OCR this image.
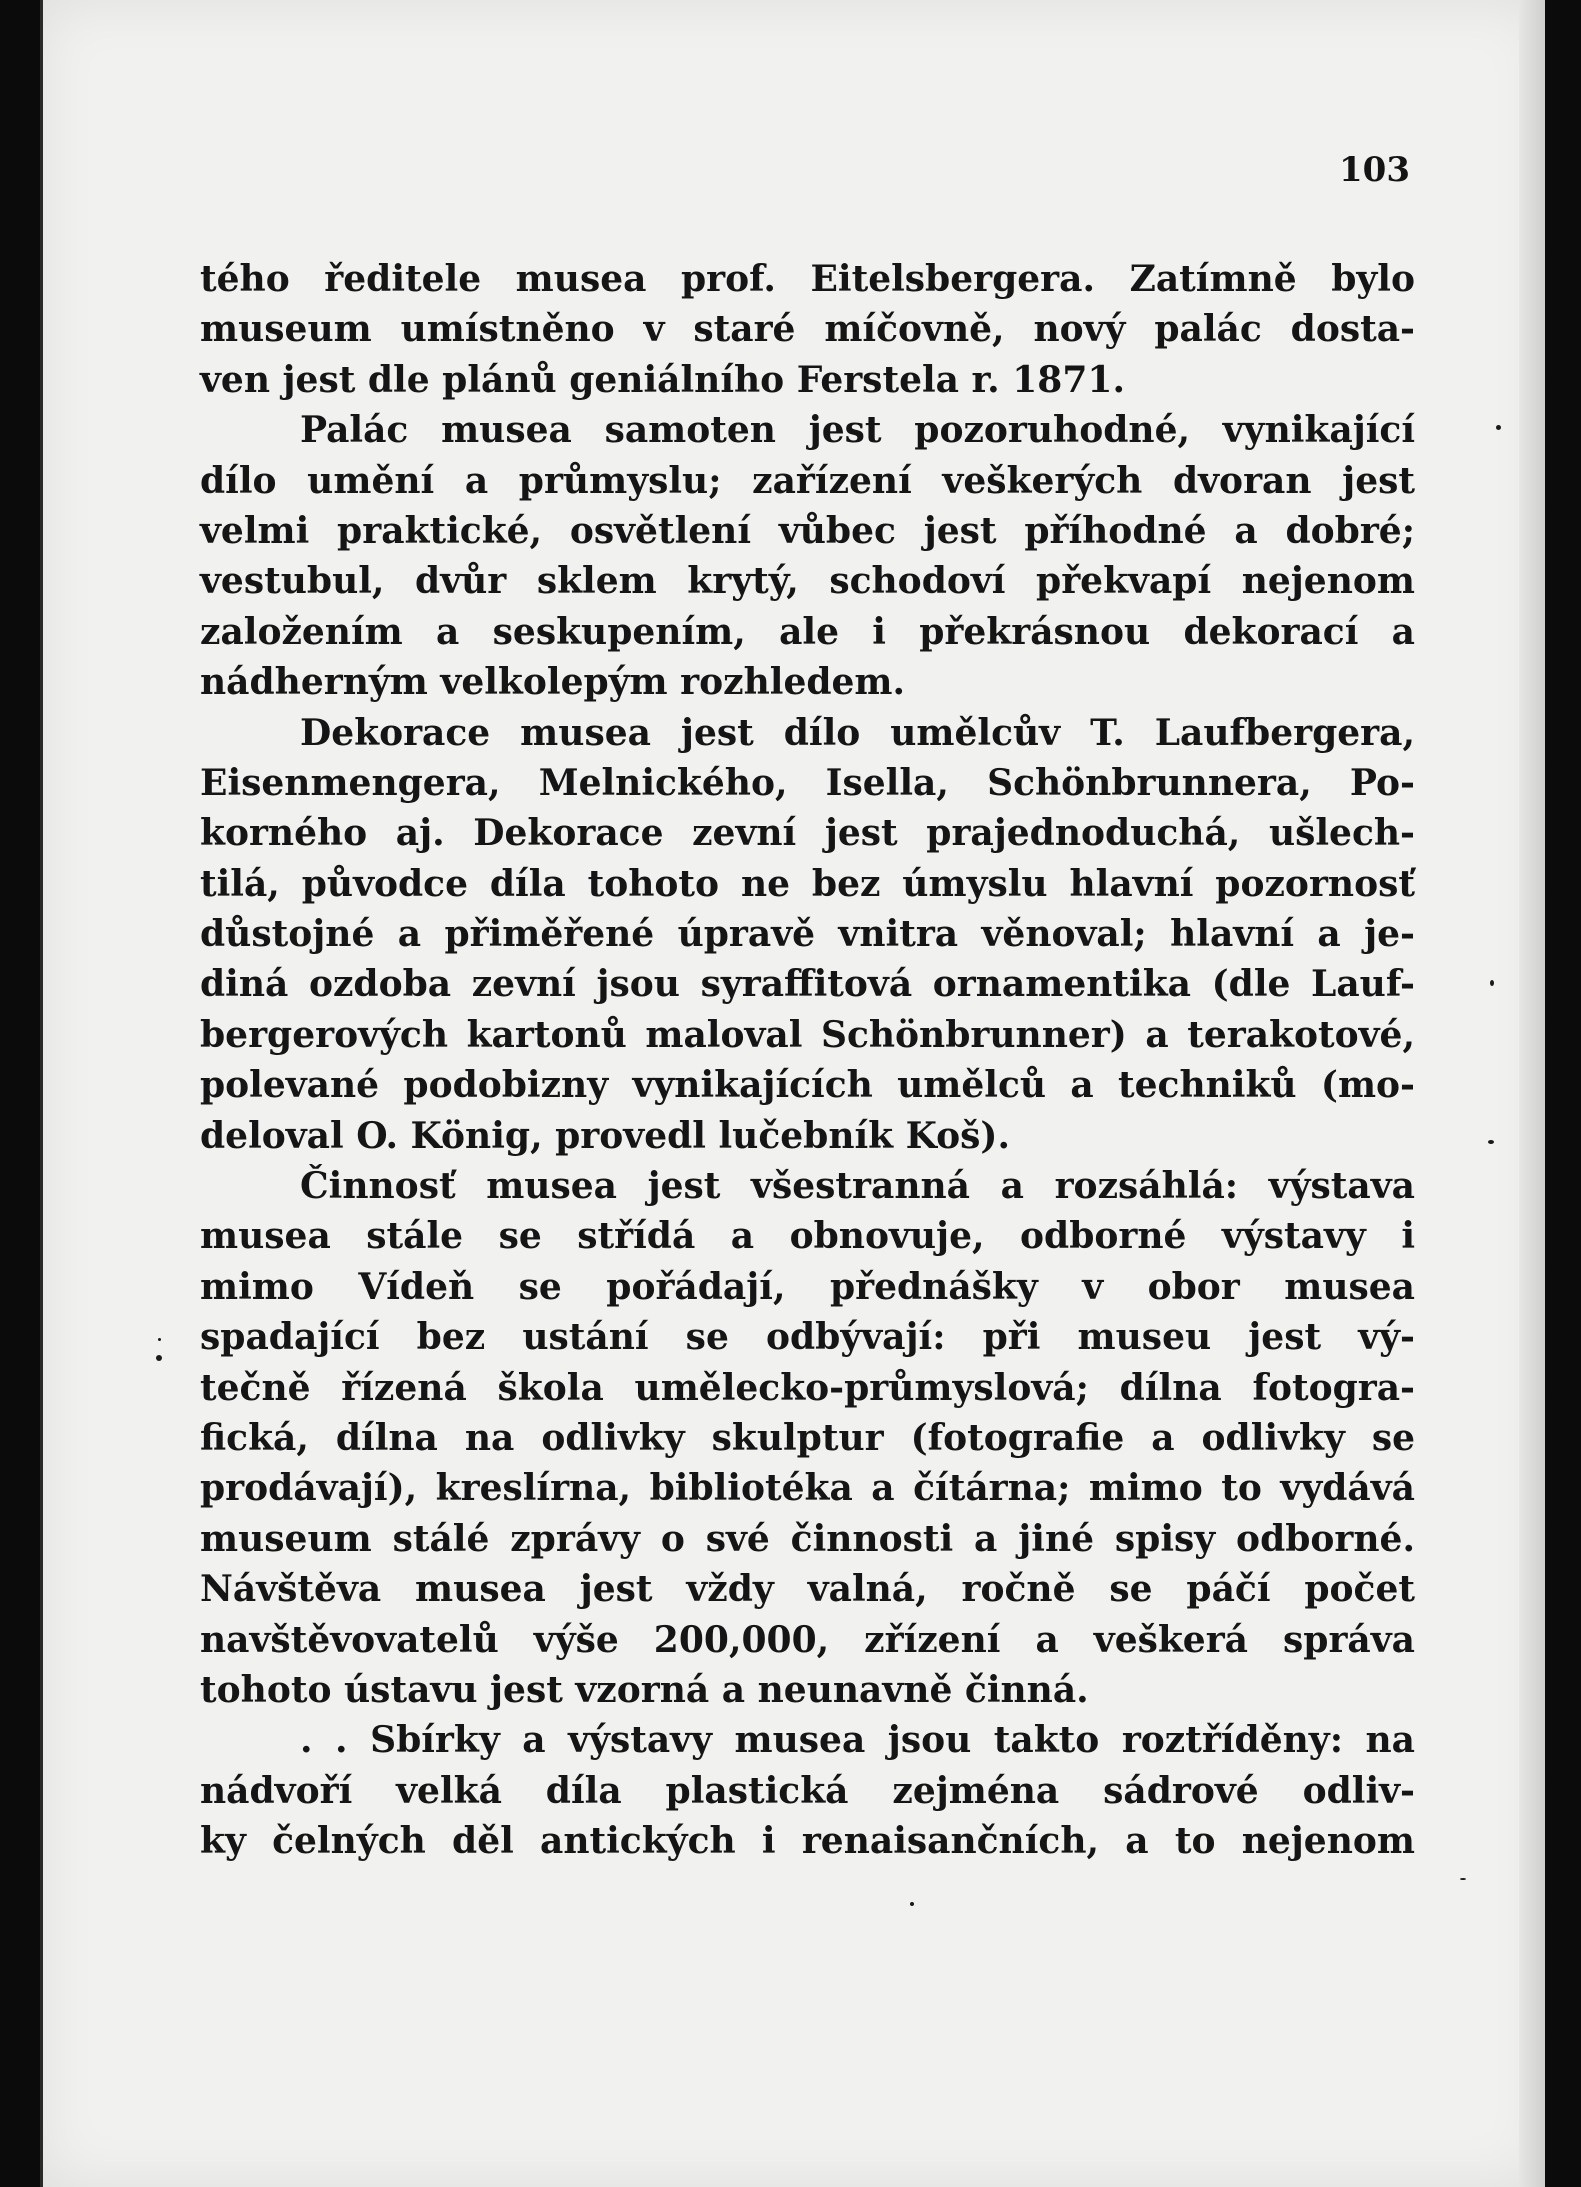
103
tého ředitele musea prof. Eitelsbergera. Zatímně bylo
museum umístněno v staré míčovně, nový palác dosta-
ven jest dle plánů geniálního Ferstela r. 1871.
Palác musea samoten jest pozoruhodné, vynikající
dílo umění a průmyslu; zařízení veškerých dvoran jest
velmi praktické, osvětlení vůbec jest příhodné a dobré;
vestubul, dvůr sklem krytý, schodoví překvapí nejenom
založením a seskupením, ale i překrásnou dekorací a
nádherným velkolepým rozhledem.
Dekorace musea jest dílo umělcův T. Laufbergera,
Eisenmengera, Melnického, Isella, Schönbrunnera, Po-
korného aj. Dekorace zevní jest prajednoduchá, ušlech-
tilá, původce díla tohoto ne bez úmyslu hlavní pozornosť
důstojné a přiměřené úpravě vnitra věnoval; hlavní a je-
diná ozdoba zevní jsou syraffitová ornamentika (dle Lauf-
bergerových kartonů maloval Schönbrunner) a terakotové,
polevané podobizny vynikajících umělců a techniků (mo-
deloval O. König, provedl lučebník Koš).
Činnosť musea jest všestranná a rozsáhlá: výstava
musea stále se střídá a obnovuje, odborné výstavy i
mimo Vídeň se pořádají, přednášky v obor musea
spadající bez ustání se odbývají: při museu jest vý-
tečně řízená škola umělecko-průmyslová; dílna fotogra-
fická, dílna na odlivky skulptur (fotografie a odlivky se
prodávají), kreslírna, bibliotéka a čítárna; mimo to vydává
museum stálé zprávy o své činnosti a jiné spisy odborné.
Návštěva musea jest vždy valná, ročně se páčí počet
navštěvovatelů výše 200,000, zřízení a veškerá správa
tohoto ústavu jest vzorná a neunavně činná.
. . Sbírky a výstavy musea jsou takto roztříděny: na
nádvoří velká díla plastická zejména sádrové odliv-
ky čelných děl antických i renaisančních, a to nejenom
